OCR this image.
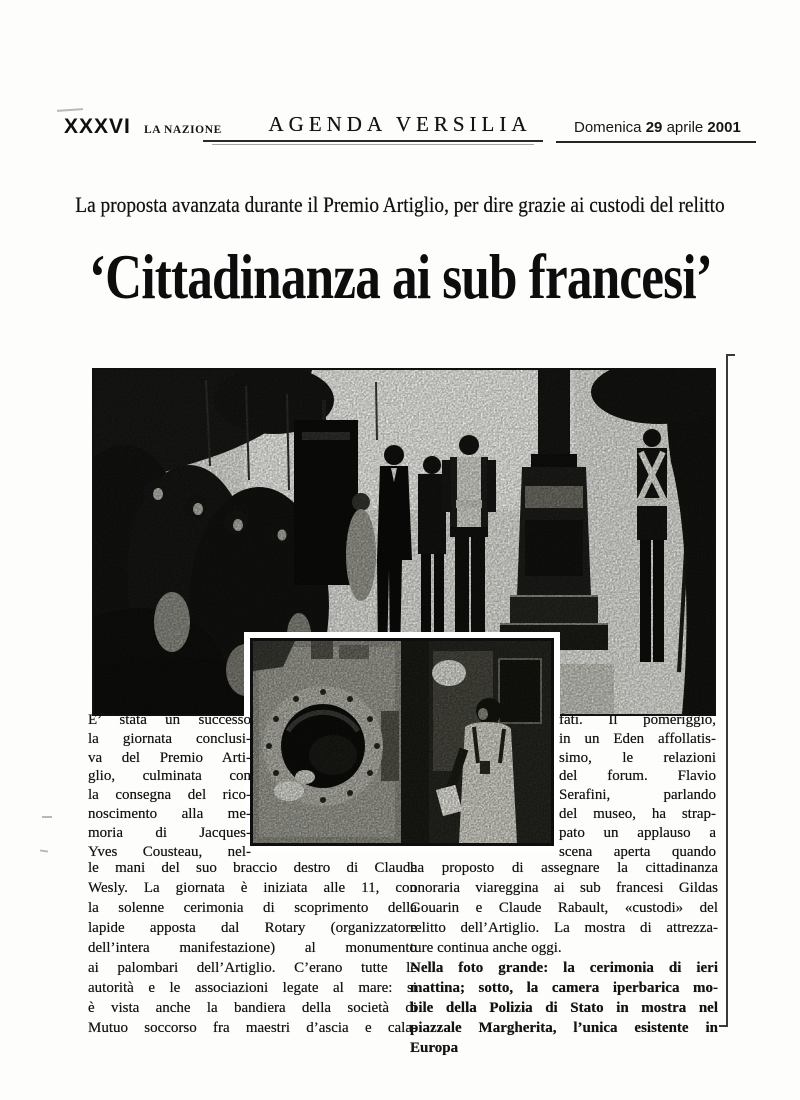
XXXVI LA NAZIONE	AGENDA VERSILIA	Domenica 29 aprile 2001
La proposta avanzata durante il Premio Artiglio, per dire grazie ai custodi del relitto
‘Cittadinanza ai sub francesi’
E’ stata un successo
la giornata conclusi-
va del Premio Arti-
glio, culminata con
la consegna del rico-
noscimento alla me-
moria di Jacques-
Yves Cousteau, nel-
fati. Il pomeriggio,
in un Eden affollatis-
simo, le relazioni
del forum. Flavio
Serafini, parlando
del museo, ha strap-
pato un applauso a
scena aperta quando
le mani del suo braccio destro di Claude
Wesly. La giornata è iniziata alle 11, con
la solenne cerimonia di scoprimento della
lapide apposta dal Rotary (organizzatore
dell’intera manifestazione) al monumento
ai palombari dell’Artiglio. C’erano tutte le
autorità e le associazioni legate al mare: si
è vista anche la bandiera della società di
Mutuo soccorso fra maestri d’ascia e cala-
ha proposto di assegnare la cittadinanza
onoraria viareggina ai sub francesi Gildas
Gouarin e Claude Rabault, «custodi» del
relitto dell’Artiglio. La mostra di attrezza-
ture continua anche oggi.
Nella foto grande: la cerimonia di ieri
mattina; sotto, la camera iperbarica mo-
bile della Polizia di Stato in mostra nel
piazzale Margherita, l’unica esistente in
Europa
